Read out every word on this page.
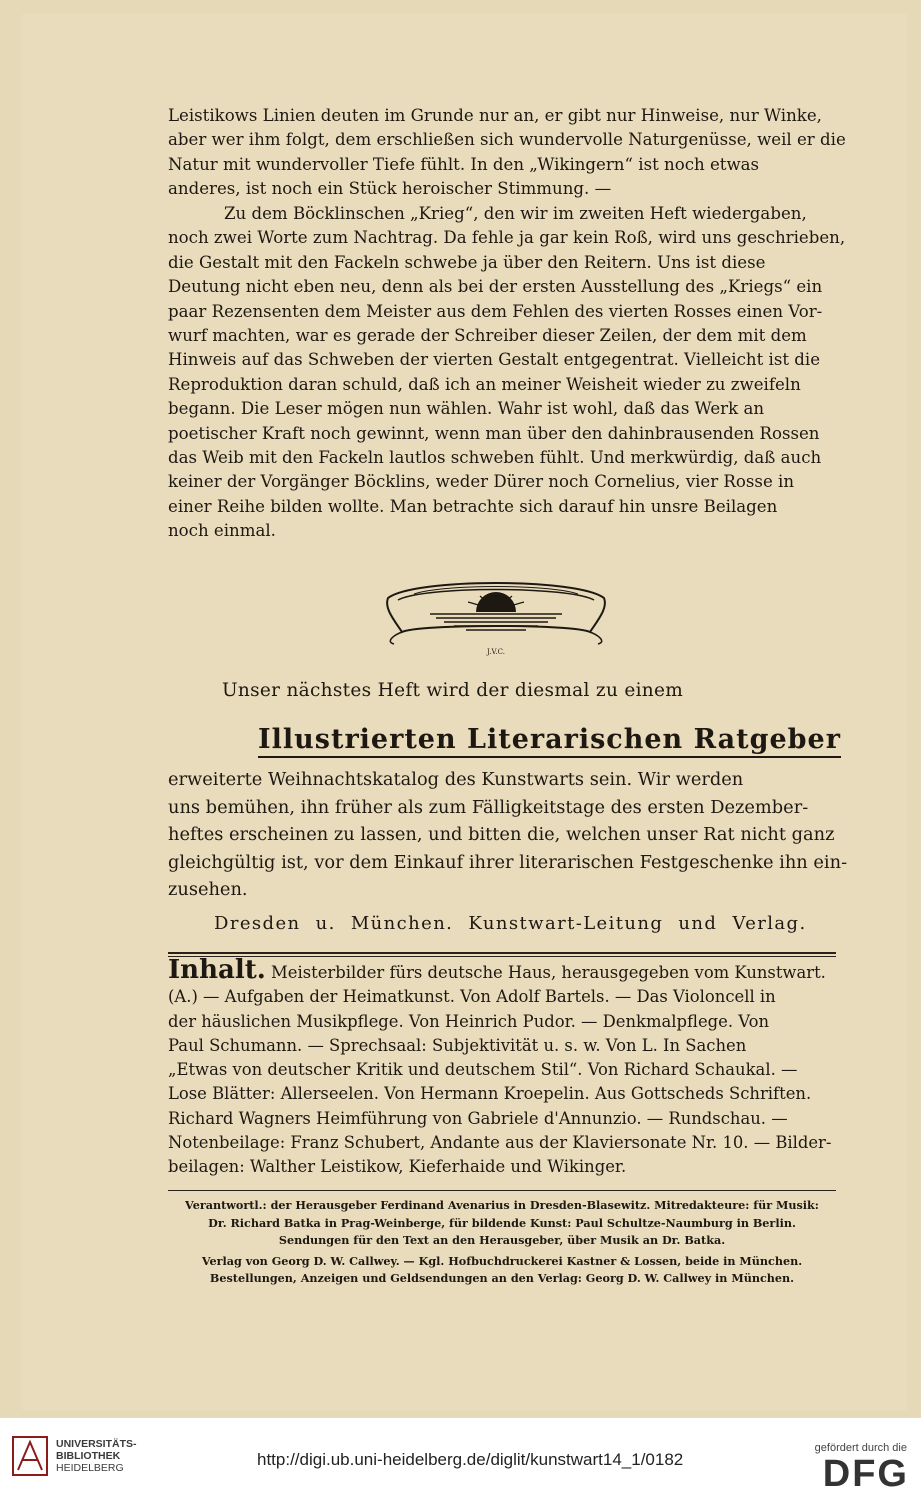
Leistikows Linien deuten im Grunde nur an, er gibt nur Hinweise, nur Winke,
aber wer ihm folgt, dem erschließen sich wundervolle Naturgenüsse, weil er die
Natur mit wundervoller Tiefe fühlt. In den „Wikingern“ ist noch etwas
anderes, ist noch ein Stück heroischer Stimmung. —
Zu dem Böcklinschen „Krieg“, den wir im zweiten Heft wiedergaben,
noch zwei Worte zum Nachtrag. Da fehle ja gar kein Roß, wird uns geschrieben,
die Gestalt mit den Fackeln schwebe ja über den Reitern. Uns ist diese
Deutung nicht eben neu, denn als bei der ersten Ausstellung des „Kriegs“ ein
paar Rezensenten dem Meister aus dem Fehlen des vierten Rosses einen Vor-
wurf machten, war es gerade der Schreiber dieser Zeilen, der dem mit dem
Hinweis auf das Schweben der vierten Gestalt entgegentrat. Vielleicht ist die
Reproduktion daran schuld, daß ich an meiner Weisheit wieder zu zweifeln
begann. Die Leser mögen nun wählen. Wahr ist wohl, daß das Werk an
poetischer Kraft noch gewinnt, wenn man über den dahinbrausenden Rossen
das Weib mit den Fackeln lautlos schweben fühlt. Und merkwürdig, daß auch
keiner der Vorgänger Böcklins, weder Dürer noch Cornelius, vier Rosse in
einer Reihe bilden wollte. Man betrachte sich darauf hin unsre Beilagen
noch einmal.
J.V.C.
Unser nächstes Heft wird der diesmal zu einem
Illustrierten Literarischen Ratgeber
erweiterte Weihnachtskatalog des Kunstwarts sein. Wir werden
uns bemühen, ihn früher als zum Fälligkeitstage des ersten Dezember-
heftes erscheinen zu lassen, und bitten die, welchen unser Rat nicht ganz
gleichgültig ist, vor dem Einkauf ihrer literarischen Festgeschenke ihn ein-
zusehen.
Dresden u. München. Kunstwart-Leitung und Verlag.
Inhalt. Meisterbilder fürs deutsche Haus, herausgegeben vom Kunstwart.
(A.) — Aufgaben der Heimatkunst. Von Adolf Bartels. — Das Violoncell in
der häuslichen Musikpflege. Von Heinrich Pudor. — Denkmalpflege. Von
Paul Schumann. — Sprechsaal: Subjektivität u. s. w. Von L. In Sachen
„Etwas von deutscher Kritik und deutschem Stil“. Von Richard Schaukal. —
Lose Blätter: Allerseelen. Von Hermann Kroepelin. Aus Gottscheds Schriften.
Richard Wagners Heimführung von Gabriele d'Annunzio. — Rundschau. —
Notenbeilage: Franz Schubert, Andante aus der Klaviersonate Nr. 10. — Bilder-
beilagen: Walther Leistikow, Kieferhaide und Wikinger.
Verantwortl.: der Herausgeber Ferdinand Avenarius in Dresden-Blasewitz. Mitredakteure: für Musik:
Dr. Richard Batka in Prag-Weinberge, für bildende Kunst: Paul Schultze-Naumburg in Berlin.
Sendungen für den Text an den Herausgeber, über Musik an Dr. Batka.
Verlag von Georg D. W. Callwey. — Kgl. Hofbuchdruckerei Kastner & Lossen, beide in München.
Bestellungen, Anzeigen und Geldsendungen an den Verlag: Georg D. W. Callwey in München.
UNIVERSITÄTS-
BIBLIOTHEK
HEIDELBERG	http://digi.ub.uni-heidelberg.de/diglit/kunstwart14_1/0182
gefördert durch die
DFG
